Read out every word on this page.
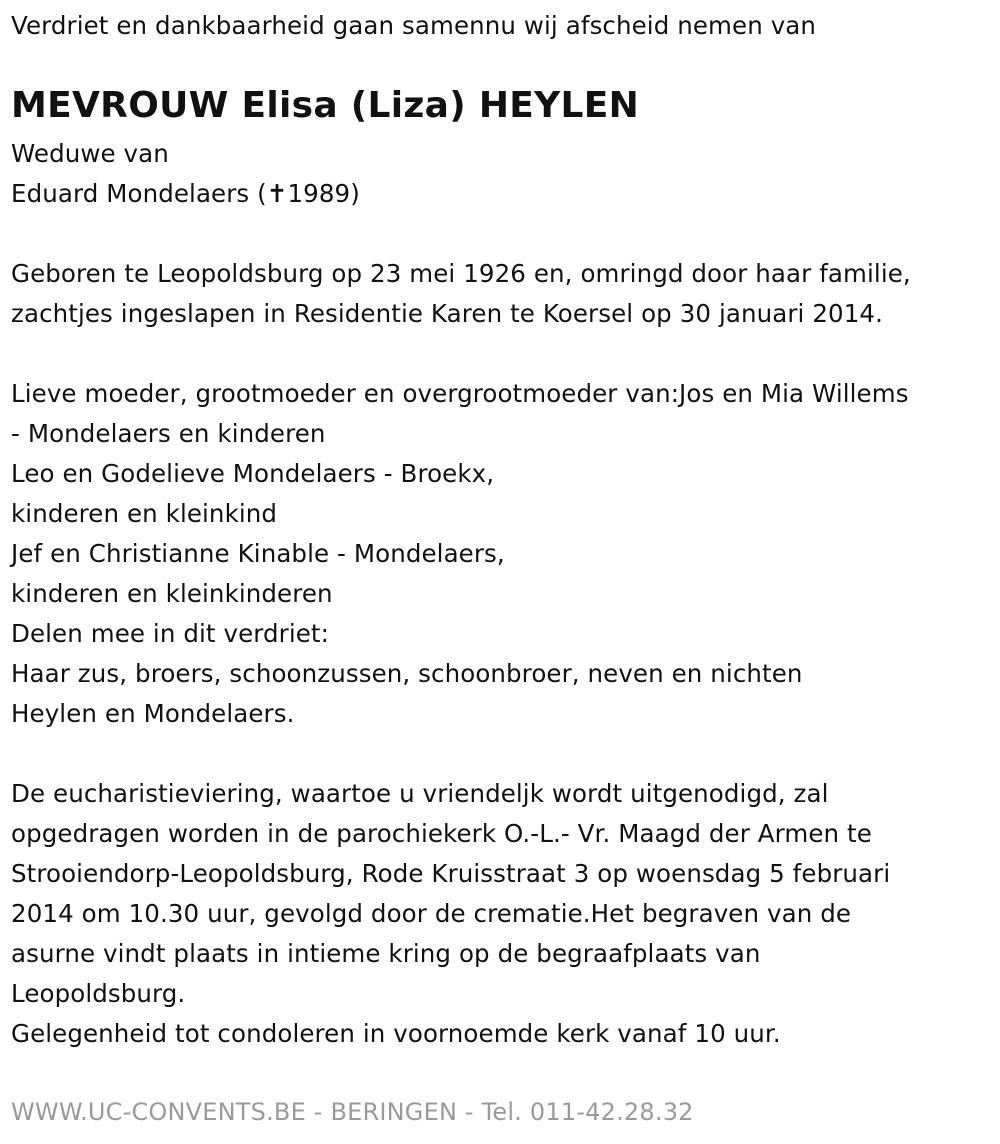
Verdriet en dankbaarheid gaan samennu wij afscheid nemen van
MEVROUW Elisa (Liza) HEYLEN
Weduwe van
Eduard Mondelaers (✝1989)
Geboren te Leopoldsburg op 23 mei 1926 en, omringd door haar familie,
zachtjes ingeslapen in Residentie Karen te Koersel op 30 januari 2014.
Lieve moeder, grootmoeder en overgrootmoeder van:Jos en Mia Willems
- Mondelaers en kinderen
Leo en Godelieve Mondelaers - Broekx,
kinderen en kleinkind
Jef en Christianne Kinable - Mondelaers,
kinderen en kleinkinderen
Delen mee in dit verdriet:
Haar zus, broers, schoonzussen, schoonbroer, neven en nichten
Heylen en Mondelaers.
De eucharistieviering, waartoe u vriendeljk wordt uitgenodigd, zal
opgedragen worden in de parochiekerk O.-L.- Vr. Maagd der Armen te
Strooiendorp-Leopoldsburg, Rode Kruisstraat 3 op woensdag 5 februari
2014 om 10.30 uur, gevolgd door de crematie.Het begraven van de
asurne vindt plaats in intieme kring op de begraafplaats van
Leopoldsburg.
Gelegenheid tot condoleren in voornoemde kerk vanaf 10 uur.
WWW.UC-CONVENTS.BE - BERINGEN - Tel. 011-42.28.32
